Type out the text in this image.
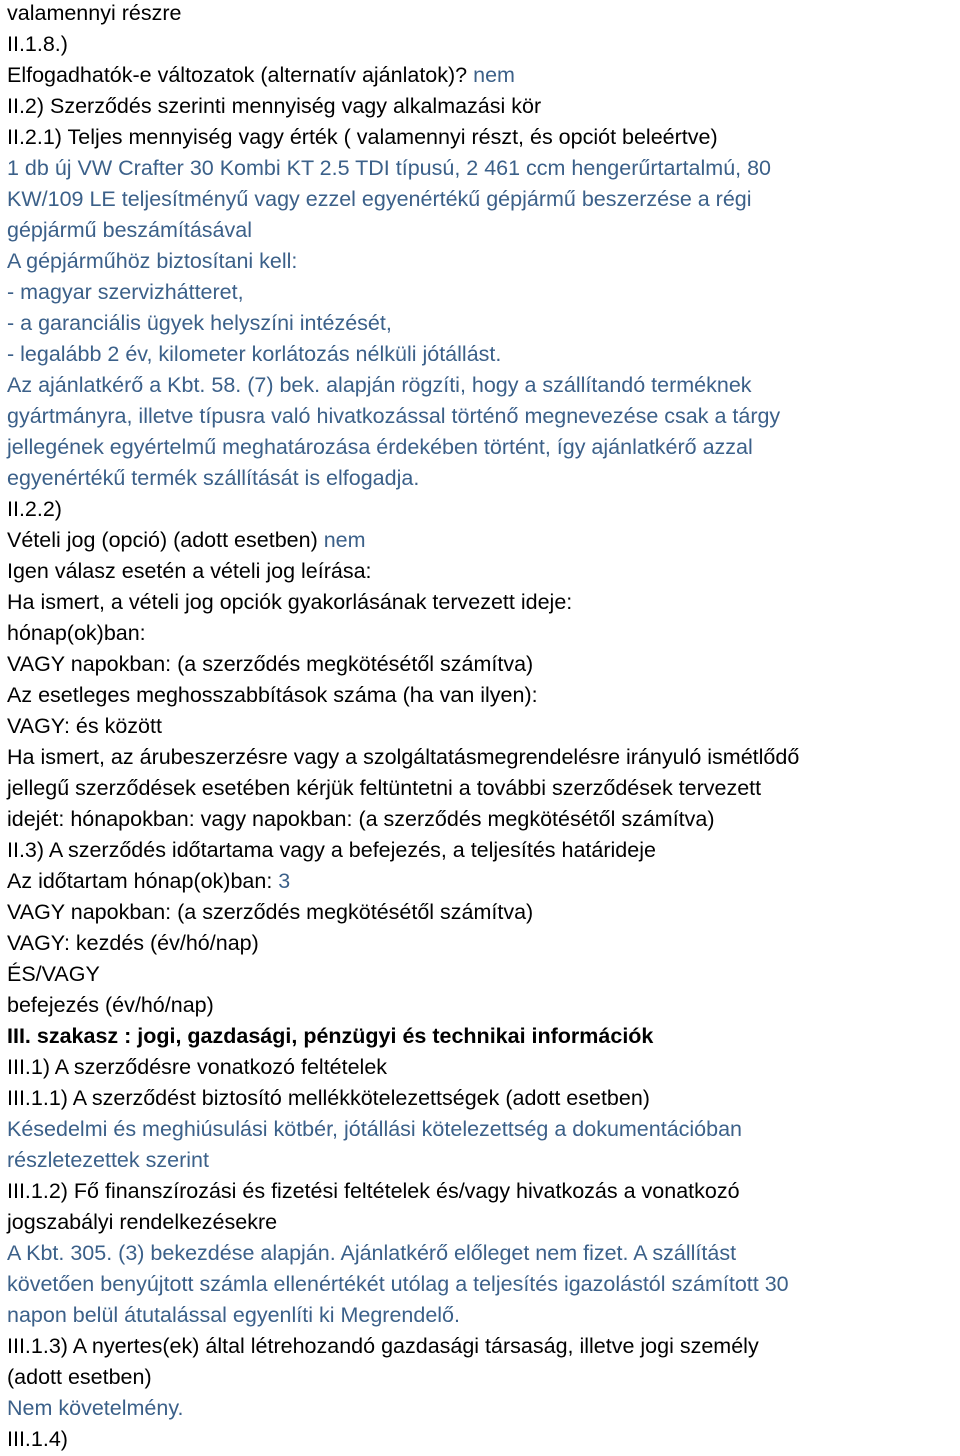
valamennyi részre
II.1.8.)
Elfogadhatók-e változatok (alternatív ajánlatok)? nem
II.2) Szerződés szerinti mennyiség vagy alkalmazási kör
II.2.1) Teljes mennyiség vagy érték ( valamennyi részt, és opciót beleértve)
1 db új VW Crafter 30 Kombi KT 2.5 TDI típusú, 2 461 ccm hengerűrtartalmú, 80
KW/109 LE teljesítményű vagy ezzel egyenértékű gépjármű beszerzése a régi
gépjármű beszámításával
A gépjárműhöz biztosítani kell:
- magyar szervizhátteret,
- a garanciális ügyek helyszíni intézését,
- legalább 2 év, kilometer korlátozás nélküli jótállást.
Az ajánlatkérő a Kbt. 58. (7) bek. alapján rögzíti, hogy a szállítandó terméknek
gyártmányra, illetve típusra való hivatkozással történő megnevezése csak a tárgy
jellegének egyértelmű meghatározása érdekében történt, így ajánlatkérő azzal
egyenértékű termék szállítását is elfogadja.
II.2.2)
Vételi jog (opció) (adott esetben) nem
Igen válasz esetén a vételi jog leírása:
Ha ismert, a vételi jog opciók gyakorlásának tervezett ideje:
hónap(ok)ban:
VAGY napokban: (a szerződés megkötésétől számítva)
Az esetleges meghosszabbítások száma (ha van ilyen):
VAGY: és között
Ha ismert, az árubeszerzésre vagy a szolgáltatásmegrendelésre irányuló ismétlődő
jellegű szerződések esetében kérjük feltüntetni a további szerződések tervezett
idejét: hónapokban: vagy napokban: (a szerződés megkötésétől számítva)
II.3) A szerződés időtartama vagy a befejezés, a teljesítés határideje
Az időtartam hónap(ok)ban: 3
VAGY napokban: (a szerződés megkötésétől számítva)
VAGY: kezdés (év/hó/nap)
ÉS/VAGY
befejezés (év/hó/nap)
III. szakasz : jogi, gazdasági, pénzügyi és technikai információk
III.1) A szerződésre vonatkozó feltételek
III.1.1) A szerződést biztosító mellékkötelezettségek (adott esetben)
Késedelmi és meghiúsulási kötbér, jótállási kötelezettség a dokumentációban
részletezettek szerint
III.1.2) Fő finanszírozási és fizetési feltételek és/vagy hivatkozás a vonatkozó
jogszabályi rendelkezésekre
A Kbt. 305. (3) bekezdése alapján. Ajánlatkérő előleget nem fizet. A szállítást
követően benyújtott számla ellenértékét utólag a teljesítés igazolástól számított 30
napon belül átutalással egyenlíti ki Megrendelő.
III.1.3) A nyertes(ek) által létrehozandó gazdasági társaság, illetve jogi személy
(adott esetben)
Nem követelmény.
III.1.4)
